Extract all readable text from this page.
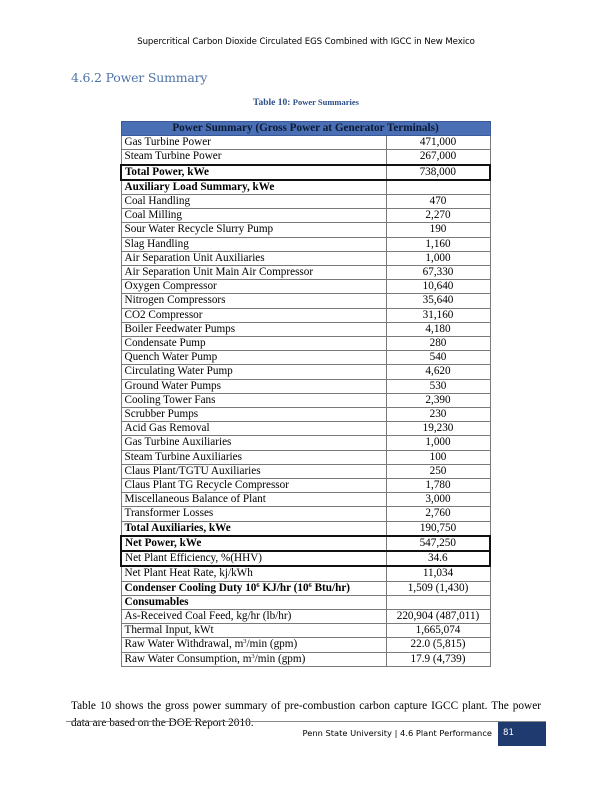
Supercritical Carbon Dioxide Circulated EGS Combined with IGCC in New Mexico
4.6.2 Power Summary
Table 10: Power Summaries
Power Summary (Gross Power at Generator Terminals)	
Gas Turbine Power	471,000
Steam Turbine Power	267,000
Total Power, kWe	738,000
Auxiliary Load Summary, kWe	
Coal Handling	470
Coal Milling	2,270
Sour Water Recycle Slurry Pump	190
Slag Handling	1,160
Air Separation Unit Auxiliaries	1,000
Air Separation Unit Main Air Compressor	67,330
Oxygen Compressor	10,640
Nitrogen Compressors	35,640
CO2 Compressor	31,160
Boiler Feedwater Pumps	4,180
Condensate Pump	280
Quench Water Pump	540
Circulating Water Pump	4,620
Ground Water Pumps	530
Cooling Tower Fans	2,390
Scrubber Pumps	230
Acid Gas Removal	19,230
Gas Turbine Auxiliaries	1,000
Steam Turbine Auxiliaries	100
Claus Plant/TGTU Auxiliaries	250
Claus Plant TG Recycle Compressor	1,780
Miscellaneous Balance of Plant	3,000
Transformer Losses	2,760
Total Auxiliaries, kWe	190,750
Net Power, kWe	547,250
Net Plant Efficiency, %(HHV)	34.6
Net Plant Heat Rate, kj/kWh	11,034
Condenser Cooling Duty $10^6$ KJ/hr ($10^6$ Btu/hr)	1,509 (1,430)
Consumables	
As-Received Coal Feed, kg/hr (lb/hr)	220,904 (487,011)
Thermal Input, kWt	1,665,074
Raw Water Withdrawal, $m^3/\min$ (gpm)	22.0 (5,815)
Raw Water Consumption, $m^3/\min$ (gpm)	17.9 (4,739)

Table 10 shows the gross power summary of pre-combustion carbon capture IGCC plant. The power data are based on the DOE Report 2010.

Penn State University | 4.6 Plant Performance	81
